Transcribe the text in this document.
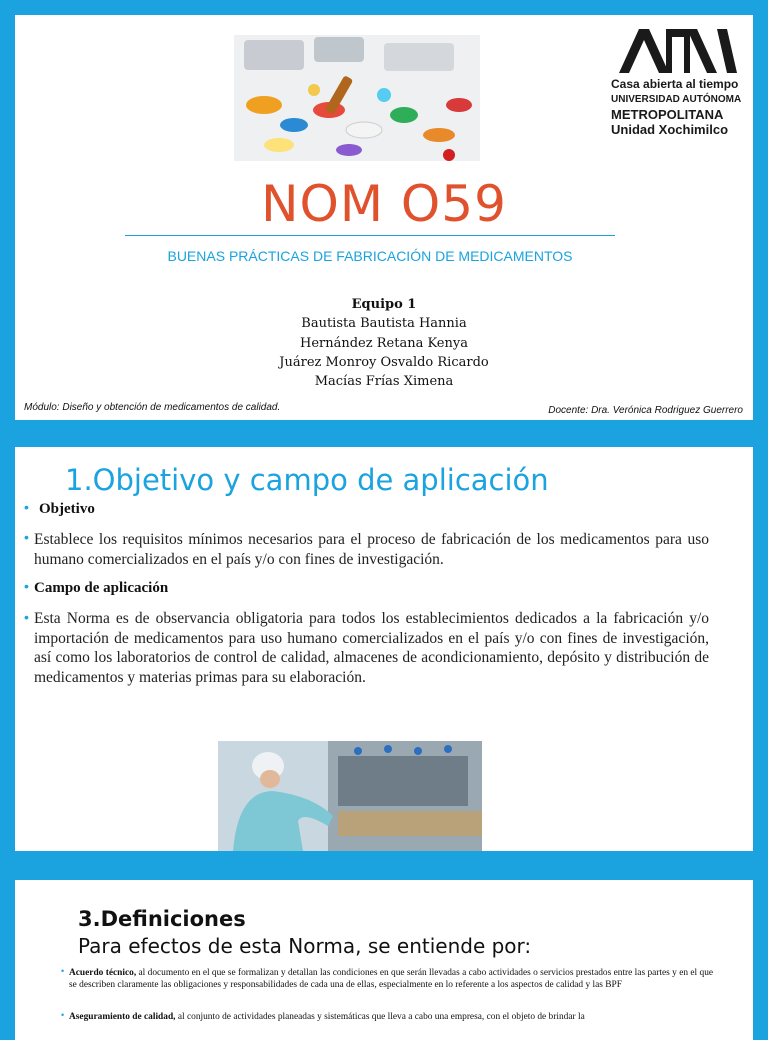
Casa abierta al tiempo
UNIVERSIDAD AUTÓNOMA
METROPOLITANA
Unidad Xochimilco
NOM O59
BUENAS PRÁCTICAS DE FABRICACIÓN DE MEDICAMENTOS
Equipo 1
Bautista Bautista Hannia
Hernández Retana Kenya
Juárez Monroy Osvaldo Ricardo
Macías Frías Ximena
Módulo: Diseño y obtención de medicamentos de calidad.	Docente: Dra. Verónica Rodriguez Guerrero
1.Objetivo y campo de aplicación
• Objetivo
• Establece los requisitos mínimos necesarios para el proceso de fabricación de los medicamentos para uso humano comercializados en el país y/o con fines de investigación.
• Campo de aplicación
• Esta Norma es de observancia obligatoria para todos los establecimientos dedicados a la fabricación y/o importación de medicamentos para uso humano comercializados en el país y/o con fines de investigación, así como los laboratorios de control de calidad, almacenes de acondicionamiento, depósito y distribución de medicamentos y materias primas para su elaboración.
3.Definiciones
Para efectos de esta Norma, se entiende por:
• Acuerdo técnico, al documento en el que se formalizan y detallan las condiciones en que serán llevadas a cabo actividades o servicios prestados entre las partes y en el que se describen claramente las obligaciones y responsabilidades de cada una de ellas, especialmente en lo referente a los aspectos de calidad y las BPF
• Aseguramiento de calidad, al conjunto de actividades planeadas y sistemáticas que lleva a cabo una empresa, con el objeto de brindar la
